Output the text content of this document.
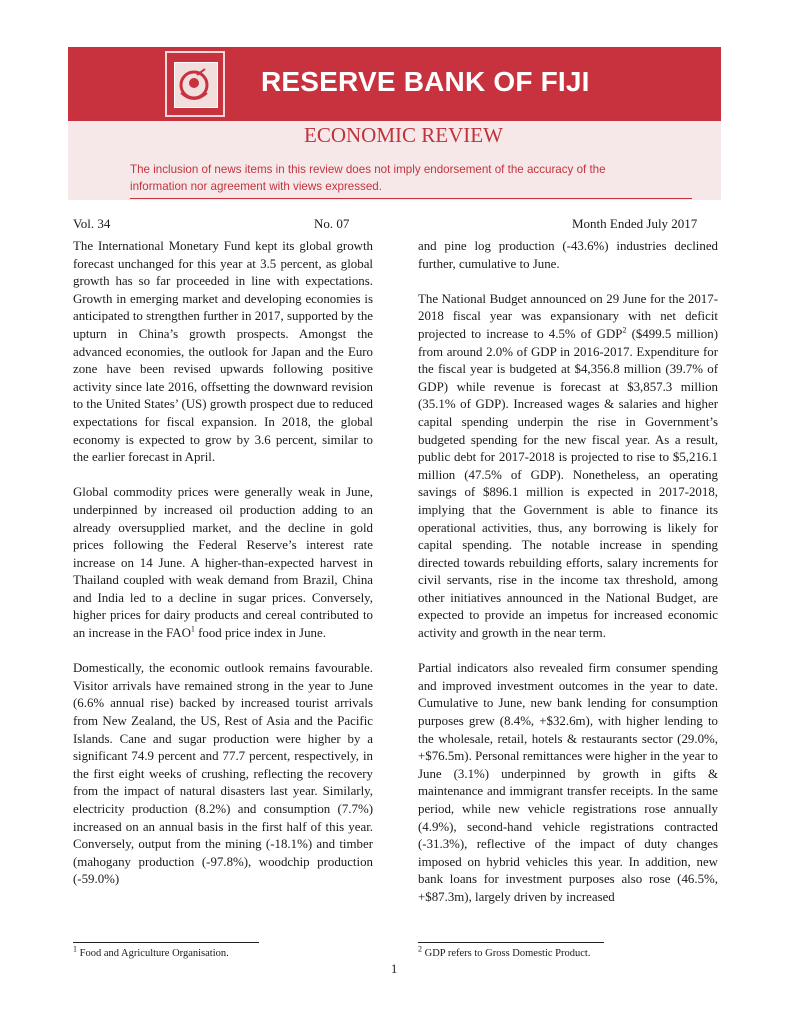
RESERVE BANK OF FIJI
ECONOMIC REVIEW
The inclusion of news items in this review does not imply endorsement of the accuracy of the
information nor agreement with views expressed.
Vol. 34	No. 07	Month Ended July 2017

The International Monetary Fund kept its global growth forecast unchanged for this year at 3.5 percent, as global growth has so far proceeded in line with expectations. Growth in emerging market and developing economies is anticipated to strengthen further in 2017, supported by the upturn in China’s growth prospects. Amongst the advanced economies, the outlook for Japan and the Euro zone have been revised upwards following positive activity since late 2016, offsetting the downward revision to the United States’ (US) growth prospect due to reduced expectations for fiscal expansion. In 2018, the global economy is expected to grow by 3.6 percent, similar to the earlier forecast in April.

Global commodity prices were generally weak in June, underpinned by increased oil production adding to an already oversupplied market, and the decline in gold prices following the Federal Reserve’s interest rate increase on 14 June. A higher-than-expected harvest in Thailand coupled with weak demand from Brazil, China and India led to a decline in sugar prices. Conversely, higher prices for dairy products and cereal contributed to an increase in the FAO$^1$ food price index in June.

Domestically, the economic outlook remains favourable. Visitor arrivals have remained strong in the year to June (6.6% annual rise) backed by increased tourist arrivals from New Zealand, the US, Rest of Asia and the Pacific Islands. Cane and sugar production were higher by a significant 74.9 percent and 77.7 percent, respectively, in the first eight weeks of crushing, reflecting the recovery from the impact of natural disasters last year. Similarly, electricity production (8.2%) and consumption (7.7%) increased on an annual basis in the first half of this year. Conversely, output from the mining (-18.1%) and timber (mahogany production (-97.8%), woodchip production (-59.0%)

and pine log production (-43.6%) industries declined further, cumulative to June.

The National Budget announced on 29 June for the 2017-2018 fiscal year was expansionary with net deficit projected to increase to 4.5% of GDP$^2$ ($499.5 million) from around 2.0% of GDP in 2016-2017. Expenditure for the fiscal year is budgeted at $4,356.8 million (39.7% of GDP) while revenue is forecast at $3,857.3 million (35.1% of GDP). Increased wages & salaries and higher capital spending underpin the rise in Government’s budgeted spending for the new fiscal year. As a result, public debt for 2017-2018 is projected to rise to $5,216.1 million (47.5% of GDP). Nonetheless, an operating savings of $896.1 million is expected in 2017-2018, implying that the Government is able to finance its operational activities, thus, any borrowing is likely for capital spending. The notable increase in spending directed towards rebuilding efforts, salary increments for civil servants, rise in the income tax threshold, among other initiatives announced in the National Budget, are expected to provide an impetus for increased economic activity and growth in the near term.

Partial indicators also revealed firm consumer spending and improved investment outcomes in the year to date. Cumulative to June, new bank lending for consumption purposes grew (8.4%, +$32.6m), with higher lending to the wholesale, retail, hotels & restaurants sector (29.0%, +$76.5m). Personal remittances were higher in the year to June (3.1%) underpinned by growth in gifts & maintenance and immigrant transfer receipts. In the same period, while new vehicle registrations rose annually (4.9%), second-hand vehicle registrations contracted (-31.3%), reflective of the impact of duty changes imposed on hybrid vehicles this year. In addition, new bank loans for investment purposes also rose (46.5%, +$87.3m), largely driven by increased

$^1$ Food and Agriculture Organisation.	$^2$ GDP refers to Gross Domestic Product.
1
